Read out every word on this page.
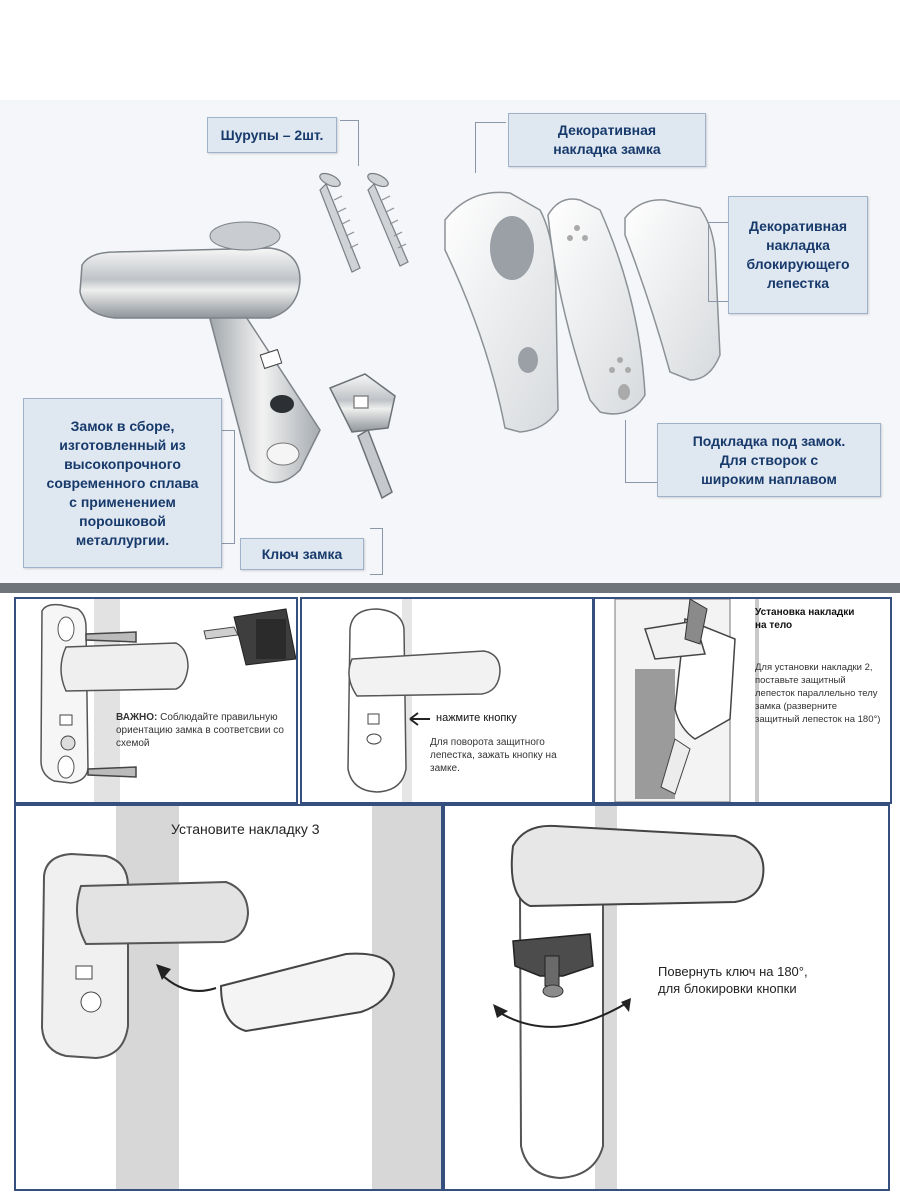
Шурупы – 2шт.	Декоративная
накладка замка
Декоративная
накладка
блокирующего
лепестка
Замок в сборе,
изготовленный из
высокопрочного
современного сплава
с применением
порошковой
металлургии.
Ключ замка
Подкладка под замок.
Для створок с
широким наплавом
ВАЖНО: Соблюдайте правильную ориентацию замка в соответсвии со схемой
нажмите кнопку
Для поворота защитного лепестка, зажать кнопку на замке.
Установка накладки
на тело
Для установки накладки 2, поставьте защитный лепесток параллельно телу замка (разверните защитный лепесток на 180°)
Установите накладку 3
Повернуть ключ на 180°,
для блокировки кнопки
